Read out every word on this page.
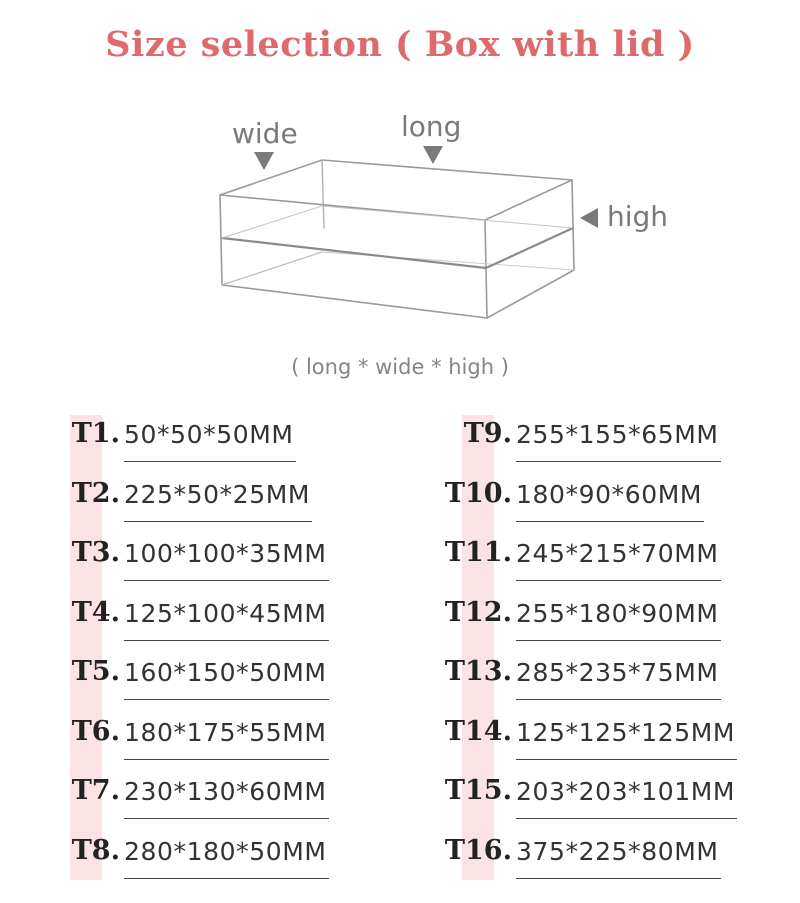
Size selection ( Box with lid )
wide	long
high
( long * wide * high )
T1. 50*50*50MM
T2. 225*50*25MM
T3. 100*100*35MM
T4. 125*100*45MM
T5. 160*150*50MM
T6. 180*175*55MM
T7. 230*130*60MM
T8. 280*180*50MM
T9. 255*155*65MM
T10. 180*90*60MM
T11. 245*215*70MM
T12. 255*180*90MM
T13. 285*235*75MM
T14. 125*125*125MM
T15. 203*203*101MM
T16. 375*225*80MM
